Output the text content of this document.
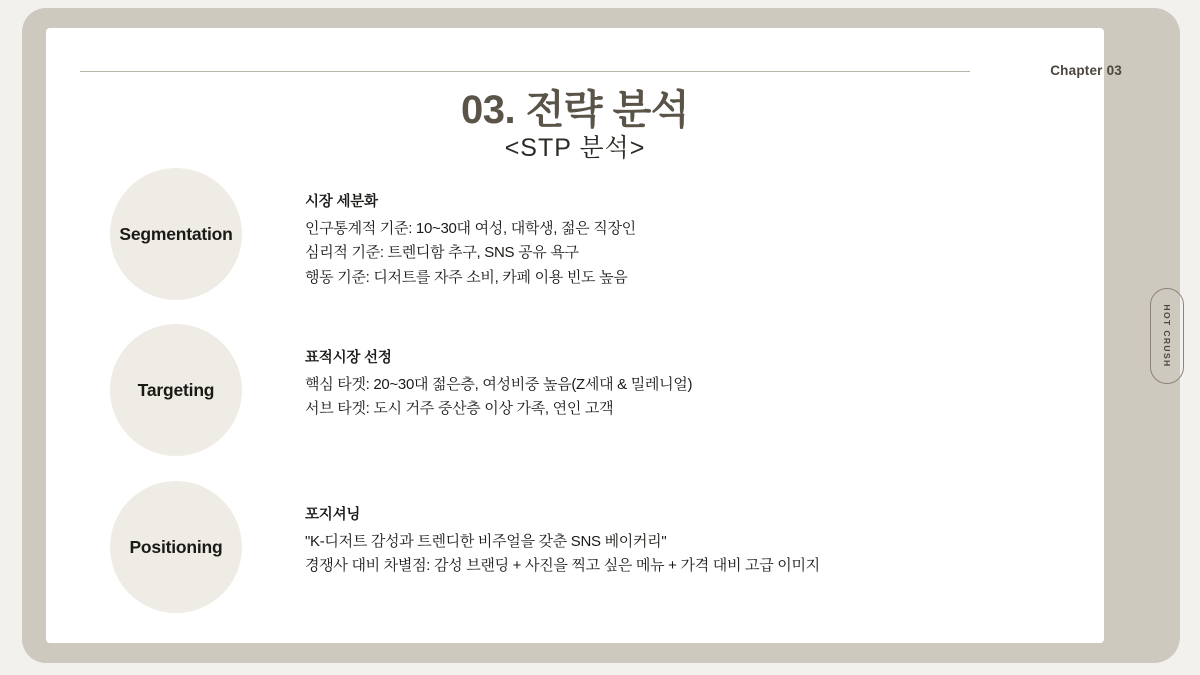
Chapter 03
03. 전략 분석
<STP 분석>
HOT CRUSH
Segmentation
시장 세분화
인구통계적 기준: 10~30대 여성, 대학생, 젊은 직장인
심리적 기준: 트렌디함 추구, SNS 공유 욕구
행동 기준: 디저트를 자주 소비, 카페 이용 빈도 높음
Targeting
표적시장 선정
핵심 타겟: 20~30대 젊은층, 여성비중 높음(Z세대 & 밀레니얼)
서브 타겟: 도시 거주 중산층 이상 가족, 연인 고객
Positioning
포지셔닝
"K-디저트 감성과 트렌디한 비주얼을 갖춘 SNS 베이커리"
경쟁사 대비 차별점: 감성 브랜딩 + 사진을 찍고 싶은 메뉴 + 가격 대비 고급 이미지
